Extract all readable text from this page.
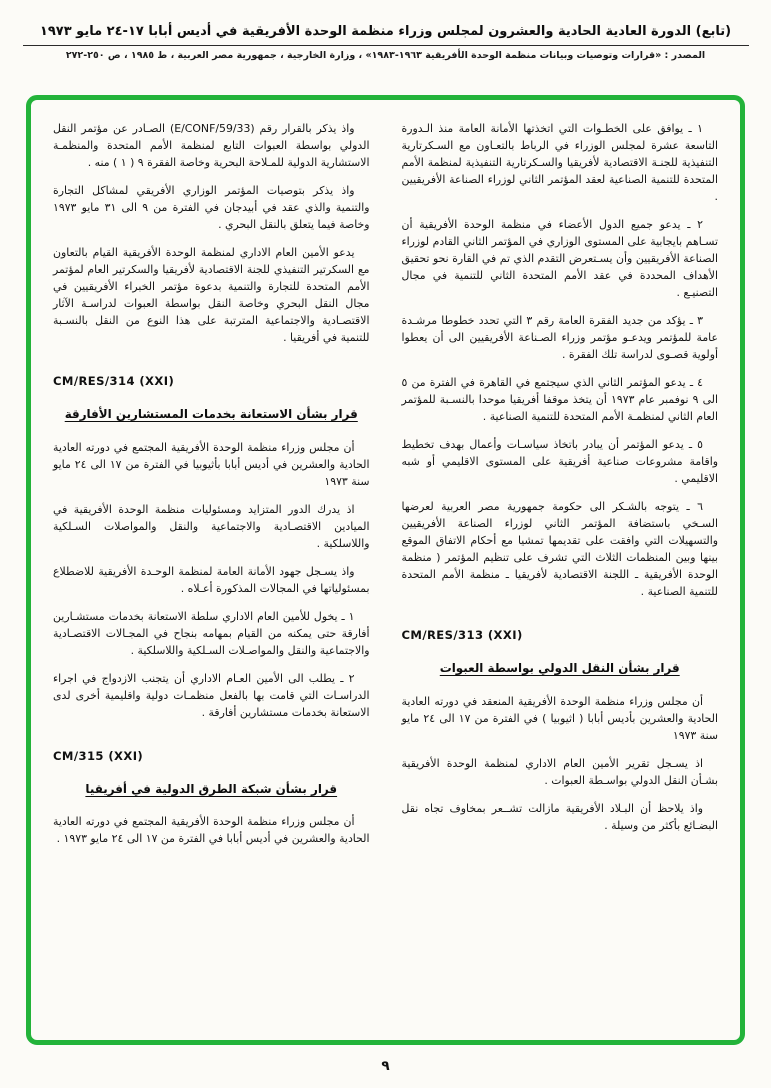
(تابع) الدورة العادية الحادية والعشرون لمجلس وزراء منظمة الوحدة الأفريقية في أديس أبابا ١٧-٢٤ مايو ١٩٧٣
المصدر : «قرارات وتوصيات وبيانات منظمة الوحدة الأفريقية ١٩٦٣-١٩٨٣» ، وزارة الخارجية ، جمهورية مصر العربية ، ط ١٩٨٥ ، ص ٢٥٠-٢٧٢
١ ـ يوافق على الخطـوات التي اتخذتها الأمانة العامة منذ الـدورة التاسعة عشرة لمجلس الوزراء في الرباط بالتعـاون مع السـكرتارية التنفيذية للجنـة الاقتصادية لأفريقيا والسـكرتارية التنفيذية لمنظمة الأمم المتحدة للتنمية الصناعية لعقد المؤتمر الثاني لوزراء الصناعة الأفريقيين .
٢ ـ يدعو جميع الدول الأعضاء في منظمة الوحدة الأفريقية أن تسـاهم بايجابية على المستوى الوزاري في المؤتمر الثاني القادم لوزراء الصناعة الأفريقيين وأن يسـتعرض التقدم الذي تم في القارة نحو تحقيق الأهداف المحددة في عقد الأمم المتحدة الثاني للتنمية في مجال التصنيـع .
٣ ـ يؤكد من جديد الفقرة العامة رقم ٣ التي تحدد خطوطا مرشـدة عامة للمؤتمر ويدعـو مؤتمر وزراء الصـناعة الأفريقيين الى أن يعطوا أولوية قصـوى لدراسة تلك الفقرة .
٤ ـ يدعو المؤتمر الثاني الذي سيجتمع في القاهرة في الفترة من ٥ الى ٩ نوفمبر عام ١٩٧٣ أن يتخذ موقفا أفريقيا موحدا بالنسـبة للمؤتمر العام الثاني لمنظمـة الأمم المتحدة للتنمية الصناعية .
٥ ـ يدعو المؤتمر أن يبادر باتخاذ سياسـات وأعمال بهدف تخطيط واقامة مشروعات صناعية أفريقية على المستوى الاقليمي أو شبه الاقليمي .
٦ ـ يتوجه بالشـكر الى حكومة جمهورية مصر العربية لعرضها السـخي باستضافة المؤتمر الثاني لوزراء الصناعة الأفريقيين والتسهيلات التي وافقت على تقديمها تمشيا مع أحكام الاتفاق الموقع بينها وبين المنظمات الثلاث التي تشرف على تنظيم المؤتمر ( منظمة الوحدة الأفريقية ـ اللجنة الاقتصادية لأفريقيا ـ منظمة الأمم المتحدة للتنمية الصناعية .
CM/RES/313 (XXI)
قرار بشأن النقل الدولي بواسطة العبوات
أن مجلس وزراء منظمة الوحدة الأفريقية المنعقد في دورته العادية الحادية والعشرين بأديس أبابا ( اثيوبيا ) في الفترة من ١٧ الى ٢٤ مايو سنة ١٩٧٣
اذ يسـجل تقرير الأمين العام الاداري لمنظمة الوحدة الأفريقية بشـأن النقل الدولي بواسـطة العبوات .
واذ يلاحظ أن البـلاد الأفريقية مازالت تشــعر بمخاوف تجاه نقل البضـائع بأكثر من وسيلة .
واذ يذكر بالقرار رقم (E/CONF/59/33) الصـادر عن مؤتمر النقل الدولي بواسطة العبوات التابع لمنظمة الأمم المتحدة والمنظمـة الاستشارية الدولية للمـلاحة البحرية وخاصة الفقرة ٩ ( ١ ) منه .
واذ يذكر بتوصيات المؤتمر الوزاري الأفريقي لمشاكل التجارة والتنمية والذي عقد في أبيدجان في الفترة من ٩ الى ٣١ مايو ١٩٧٣ وخاصة فيما يتعلق بالنقل البحري .
يدعو الأمين العام الاداري لمنظمة الوحدة الأفريقية القيام بالتعاون مع السكرتير التنفيذي للجنة الاقتصادية لأفريقيا والسكرتير العام لمؤتمر الأمم المتحدة للتجارة والتنمية بدعوة مؤتمر الخبراء الأفريقيين في مجال النقل البحري وخاصة النقل بواسطة العبوات لدراسـة الآثار الاقتصـادية والاجتماعية المترتبة على هذا النوع من النقل بالنسـبة للتنمية في أفريقيا .
CM/RES/314 (XXI)
قرار بشأن الاستعانة بخدمات المستشارين الأفارقة
أن مجلس وزراء منظمة الوحدة الأفريقية المجتمع في دورته العادية الحادية والعشرين في أديس أبابا بأثيوبيا في الفترة من ١٧ الى ٢٤ مايو سنة ١٩٧٣
اذ يدرك الدور المتزايد ومسئوليات منظمة الوحدة الأفريقية في الميادين الاقتصـادية والاجتماعية والنقل والمواصلات السـلكية واللاسلكية .
واذ يسـجل جهود الأمانة العامة لمنظمة الوحـدة الأفريقية للاضطلاع بمسئولياتها في المجالات المذكورة أعـلاه .
١ ـ يخول للأمين العام الاداري سلطة الاستعانة بخدمات مستشـارين أفارقة حتى يمكنه من القيام بمهامه بنجاح في المجـالات الاقتصـادية والاجتماعية والنقل والمواصـلات السـلكية واللاسلكية .
٢ ـ يطلب الى الأمين العـام الاداري أن يتجنب الازدواج في اجراء الدراسـات التي قامت بها بالفعل منظمـات دولية واقليمية أخرى لدى الاستعانة بخدمات مستشارين أفارقة .
CM/315 (XXI)
قرار بشأن شبكة الطرق الدولية في أفريقيا
أن مجلس وزراء منظمة الوحدة الأفريقية المجتمع في دورته العادية الحادية والعشرين في أديس أبابا في الفترة من ١٧ الى ٢٤ مايو ١٩٧٣ .
٩
